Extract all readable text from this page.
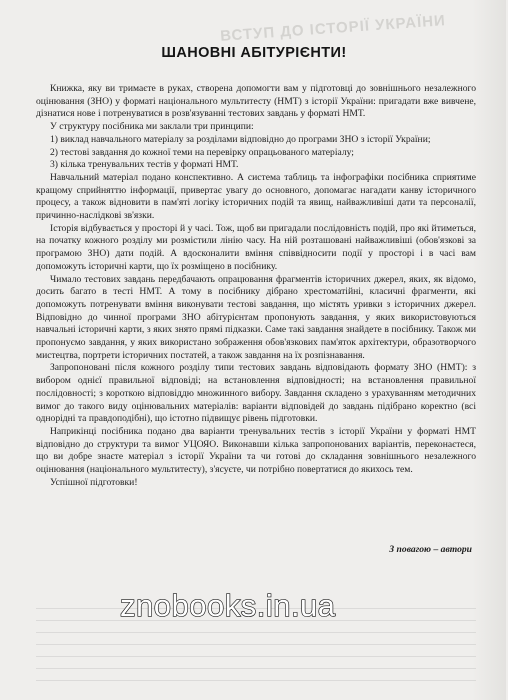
ВСТУП ДО ІСТОРІЇ УКРАЇНИ
ШАНОВНІ АБІТУРІЄНТИ!

Книжка, яку ви тримаєте в руках, створена допомогти вам у підготовці до зовнішнього незалежного оцінювання (ЗНО) у форматі національного мультитесту (НМТ) з історії України: пригадати вже вивчене, дізнатися нове і потренуватися в розв'язуванні тестових завдань у форматі НМТ.

У структуру посібника ми заклали три принципи:

1) виклад навчального матеріалу за розділами відповідно до програми ЗНО з історії України;

2) тестові завдання до кожної теми на перевірку опрацьованого матеріалу;

3) кілька тренувальних тестів у форматі НМТ.

Навчальний матеріал подано конспективно. А система таблиць та інфографіки посібника сприятиме кращому сприйняттю інформації, привертає увагу до основного, допомагає нагадати канву історичного процесу, а також відновити в пам'яті логіку історичних подій та явищ, найважливіші дати та персоналії, причинно-наслідкові зв'язки.

Історія відбувається у просторі й у часі. Тож, щоб ви пригадали послідовність подій, про які йтиметься, на початку кожного розділу ми розмістили лінію часу. На ній розташовані найважливіші (обов'язкові за програмою ЗНО) дати подій. А вдосконалити вміння співвідносити події у просторі і в часі вам допоможуть історичні карти, що їх розміщено в посібнику.

Чимало тестових завдань передбачають опрацювання фрагментів історичних джерел, яких, як відомо, досить багато в тесті НМТ. А тому в посібнику дібрано хрестоматійні, класичні фрагменти, які допоможуть потренувати вміння виконувати тестові завдання, що містять уривки з історичних джерел. Відповідно до чинної програми ЗНО абітурієнтам пропонують завдання, у яких використовуються навчальні історичні карти, з яких знято прямі підказки. Саме такі завдання знайдете в посібнику. Також ми пропонуємо завдання, у яких використано зображення обов'язкових пам'яток архітектури, образотворчого мистецтва, портрети історичних постатей, а також завдання на їх розпізнавання.

Запропоновані після кожного розділу типи тестових завдань відповідають формату ЗНО (НМТ): з вибором однієї правильної відповіді; на встановлення відповідності; на встановлення правильної послідовності; з короткою відповіддю множинного вибору. Завдання складено з урахуванням методичних вимог до такого виду оцінювальних матеріалів: варіанти відповідей до завдань підібрано коректно (всі однорідні та правдоподібні), що істотно підвищує рівень підготовки.

Наприкінці посібника подано два варіанти тренувальних тестів з історії України у форматі НМТ відповідно до структури та вимог УЦОЯО. Виконавши кілька запропонованих варіантів, переконаєтеся, що ви добре знаєте матеріал з історії України та чи готові до складання зовнішнього незалежного оцінювання (національного мультитесту), з'ясуєте, чи потрібно повертатися до якихось тем.

Успішної підготовки!

З повагою – автори
znobooks.in.ua
